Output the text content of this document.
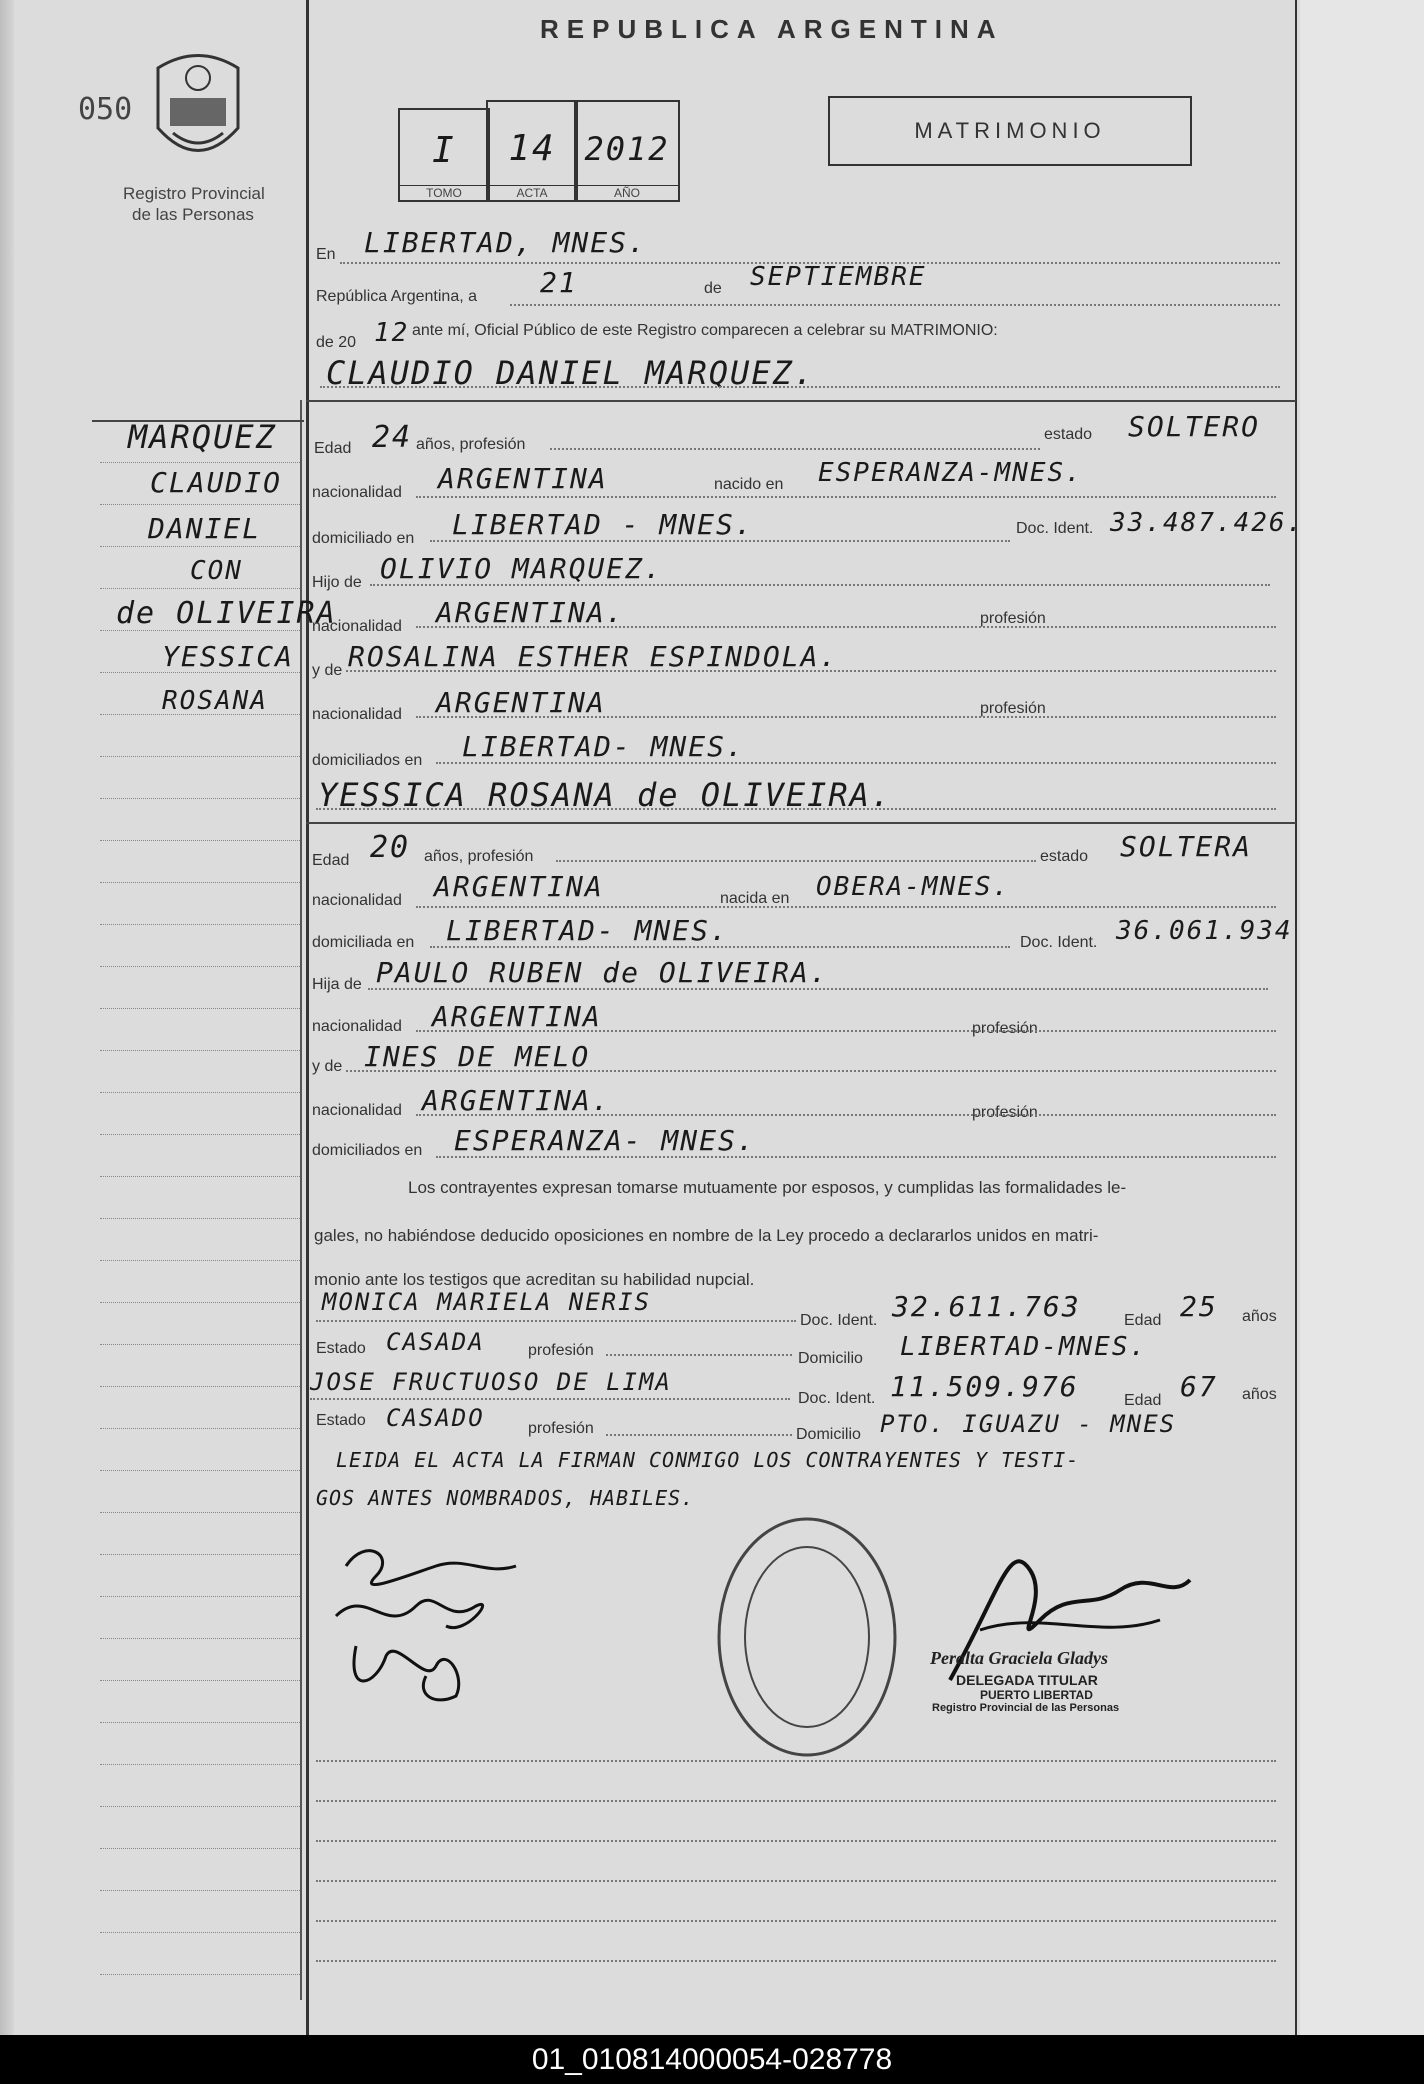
REPUBLICA ARGENTINA
050
Registro Provincial
de las Personas
I
TOMO
14
ACTA
2012
AÑO
MATRIMONIO
MARQUEZ
CLAUDIO
DANIEL
CON
de OLIVEIRA
YESSICA
ROSANA
En LIBERTAD, MNES.
República Argentina, a 21	de SEPTIEMBRE
de 20 12 ante mí, Oficial Público de este Registro comparecen a celebrar su MATRIMONIO:
CLAUDIO DANIEL MARQUEZ.
Edad 24 años, profesión
estado SOLTERO
nacionalidad ARGENTINA	nacido en ESPERANZA-MNES.
domiciliado en LIBERTAD - MNES.	Doc. Ident. 33.487.426.
Hijo de OLIVIO MARQUEZ.
nacionalidad ARGENTINA.	profesión
y de ROSALINA ESTHER ESPINDOLA.
nacionalidad ARGENTINA	profesión
domiciliados en LIBERTAD- MNES.
YESSICA ROSANA de OLIVEIRA.
Edad 20 años, profesión	estado SOLTERA
nacionalidad ARGENTINA	nacida en OBERA-MNES.
domiciliada en LIBERTAD- MNES.	Doc. Ident. 36.061.934
Hija de PAULO RUBEN de OLIVEIRA.
nacionalidad ARGENTINA	profesión
y de INES DE MELO
nacionalidad ARGENTINA.	profesión
domiciliados en ESPERANZA- MNES.
Los contrayentes expresan tomarse mutuamente por esposos, y cumplidas las formalidades le-
gales, no habiéndose deducido oposiciones en nombre de la Ley procedo a declararlos unidos en matri-
monio ante los testigos que acreditan su habilidad nupcial.
MONICA MARIELA NERIS
Doc. Ident. 32.611.763	Edad 25 años
Estado CASADA	profesión	Domicilio LIBERTAD-MNES.
JOSE FRUCTUOSO DE LIMA
Doc. Ident. 11.509.976	Edad 67 años
Estado CASADO	profesión	Domicilio PTO. IGUAZU - MNES
LEIDA EL ACTA LA FIRMAN CONMIGO LOS CONTRAYENTES Y TESTI-
GOS ANTES NOMBRADOS, HABILES.
Peralta Graciela Gladys
DELEGADA TITULAR
PUERTO LIBERTAD
Registro Provincial de las Personas
01_010814000054-028778
